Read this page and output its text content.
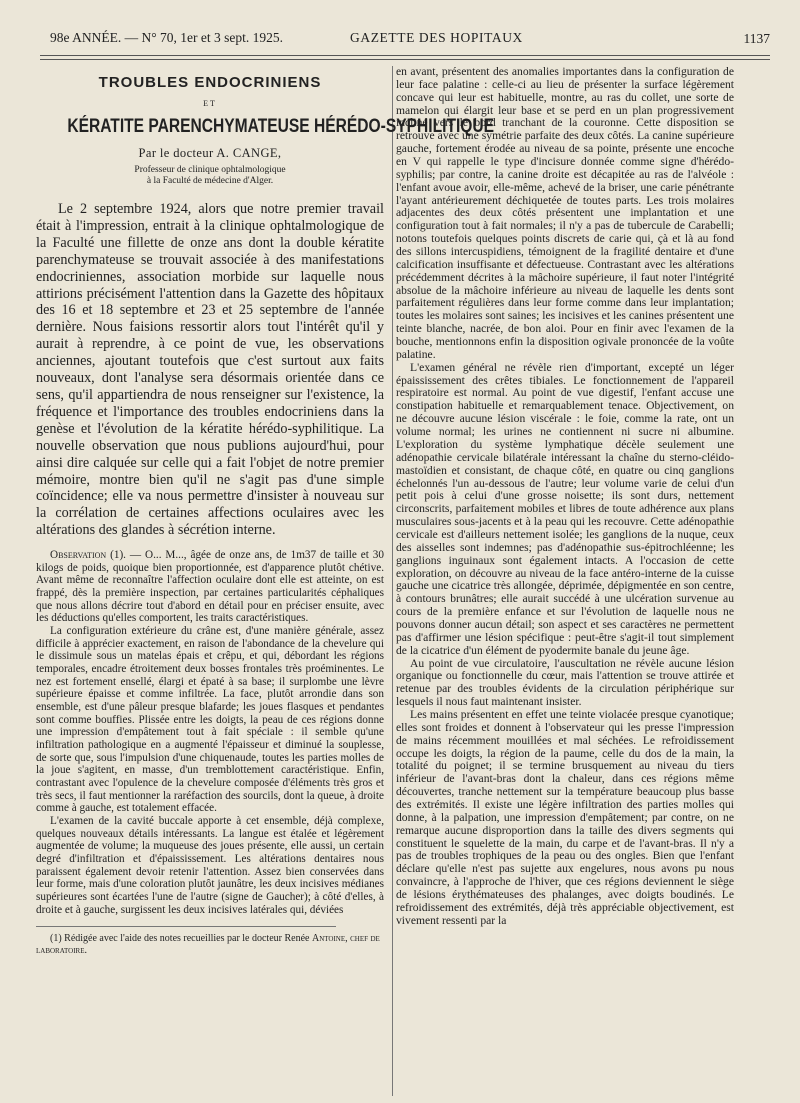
98e ANNÉE. — N° 70, 1er et 3 sept. 1925.	GAZETTE DES HOPITAUX	1137
TROUBLES ENDOCRINIENS
ET
KÉRATITE PARENCHYMATEUSE HÉRÉDO-SYPHILITIQUE
Par le docteur A. CANGE,
Professeur de clinique ophtalmologique
à la Faculté de médecine d'Alger.

Le 2 septembre 1924, alors que notre premier travail était à l'impression, entrait à la clinique ophtalmologique de la Faculté une fillette de onze ans dont la double kératite parenchymateuse se trouvait associée à des manifestations endocriniennes, association morbide sur laquelle nous attirions précisément l'attention dans la Gazette des hôpitaux des 16 et 18 septembre et 23 et 25 septembre de l'année dernière. Nous faisions ressortir alors tout l'intérêt qu'il y aurait à reprendre, à ce point de vue, les observations anciennes, ajoutant toutefois que c'est surtout aux faits nouveaux, dont l'analyse sera désormais orientée dans ce sens, qu'il appartiendra de nous renseigner sur l'existence, la fréquence et l'importance des troubles endocriniens dans la genèse et l'évolution de la kératite hérédo-syphilitique. La nouvelle observation que nous publions aujourd'hui, pour ainsi dire calquée sur celle qui a fait l'objet de notre premier mémoire, montre bien qu'il ne s'agit pas d'une simple coïncidence; elle va nous permettre d'insister à nouveau sur la corrélation de certaines affections oculaires avec les altérations des glandes à sécrétion interne.

Observation (1). — O... M..., âgée de onze ans, de 1m37 de taille et 30 kilogs de poids, quoique bien proportionnée, est d'apparence plutôt chétive. Avant même de reconnaître l'affection oculaire dont elle est atteinte, on est frappé, dès la première inspection, par certaines particularités céphaliques que nous allons décrire tout d'abord en détail pour en préciser ensuite, avec les déductions qu'elles comportent, les traits caractéristiques.

La configuration extérieure du crâne est, d'une manière générale, assez difficile à apprécier exactement, en raison de l'abondance de la chevelure qui le dissimule sous un matelas épais et crêpu, et qui, débordant les régions temporales, encadre étroitement deux bosses frontales très proéminentes. Le nez est fortement ensellé, élargi et épaté à sa base; il surplombe une lèvre supérieure épaisse et comme infiltrée. La face, plutôt arrondie dans son ensemble, est d'une pâleur presque blafarde; les joues flasques et pendantes sont comme bouffies. Plissée entre les doigts, la peau de ces régions donne une impression d'empâtement tout à fait spéciale : il semble qu'une infiltration pathologique en a augmenté l'épaisseur et diminué la souplesse, de sorte que, sous l'impulsion d'une chiquenaude, toutes les parties molles de la joue s'agitent, en masse, d'un tremblottement caractéristique. Enfin, contrastant avec l'opulence de la chevelure composée d'éléments très gros et très secs, il faut mentionner la raréfaction des sourcils, dont la queue, à droite comme à gauche, est totalement effacée.

L'examen de la cavité buccale apporte à cet ensemble, déjà complexe, quelques nouveaux détails intéressants. La langue est étalée et légèrement augmentée de volume; la muqueuse des joues présente, elle aussi, un certain degré d'infiltration et d'épaississement. Les altérations dentaires nous paraissent également devoir retenir l'attention. Assez bien conservées dans leur forme, mais d'une coloration plutôt jaunâtre, les deux incisives médianes supérieures sont écartées l'une de l'autre (signe de Gaucher); à côté d'elles, à droite et à gauche, surgissent les deux incisives latérales qui, déviées

(1) Rédigée avec l'aide des notes recueillies par le docteur Renée Antoine, chef de laboratoire.

en avant, présentent des anomalies importantes dans la configuration de leur face palatine : celle-ci au lieu de présenter la surface légèrement concave qui leur est habituelle, montre, au ras du collet, une sorte de mamelon qui élargit leur base et se perd en un plan progressivement incliné vers le bord tranchant de la couronne. Cette disposition se retrouve avec une symétrie parfaite des deux côtés. La canine supérieure gauche, fortement érodée au niveau de sa pointe, présente une encoche en V qui rappelle le type d'incisure donnée comme signe d'hérédo-syphilis; par contre, la canine droite est décapitée au ras de l'alvéole : l'enfant avoue avoir, elle-même, achevé de la briser, une carie pénétrante l'ayant antérieurement déchiquetée de toutes parts. Les trois molaires adjacentes des deux côtés présentent une implantation et une configuration tout à fait normales; il n'y a pas de tubercule de Carabelli; notons toutefois quelques points discrets de carie qui, çà et là au fond des sillons intercuspidiens, témoignent de la fragilité dentaire et d'une calcification insuffisante et défectueuse. Contrastant avec les altérations précédemment décrites à la mâchoire supérieure, il faut noter l'intégrité absolue de la mâchoire inférieure au niveau de laquelle les dents sont parfaitement régulières dans leur forme comme dans leur implantation; toutes les molaires sont saines; les incisives et les canines présentent une teinte blanche, nacrée, de bon aloi. Pour en finir avec l'examen de la bouche, mentionnons enfin la disposition ogivale prononcée de la voûte palatine.

L'examen général ne révèle rien d'important, excepté un léger épaississement des crêtes tibiales. Le fonctionnement de l'appareil respiratoire est normal. Au point de vue digestif, l'enfant accuse une constipation habituelle et remarquablement tenace. Objectivement, on ne découvre aucune lésion viscérale : le foie, comme la rate, ont un volume normal; les urines ne contiennent ni sucre ni albumine. L'exploration du système lymphatique décèle seulement une adénopathie cervicale bilatérale intéressant la chaîne du sterno-cléido-mastoïdien et consistant, de chaque côté, en quatre ou cinq ganglions échelonnés l'un au-dessous de l'autre; leur volume varie de celui d'un petit pois à celui d'une grosse noisette; ils sont durs, nettement circonscrits, parfaitement mobiles et libres de toute adhérence aux plans musculaires sous-jacents et à la peau qui les recouvre. Cette adénopathie cervicale est d'ailleurs nettement isolée; les ganglions de la nuque, ceux des aisselles sont indemnes; pas d'adénopathie sus-épitrochléenne; les ganglions inguinaux sont également intacts. A l'occasion de cette exploration, on découvre au niveau de la face antéro-interne de la cuisse gauche une cicatrice très allongée, déprimée, dépigmentée en son centre, à contours brunâtres; elle aurait succédé à une ulcération survenue au cours de la première enfance et sur l'évolution de laquelle nous ne pouvons donner aucun détail; son aspect et ses caractères ne permettent pas d'affirmer une lésion spécifique : peut-être s'agit-il tout simplement de la cicatrice d'un élément de pyodermite banale du jeune âge.

Au point de vue circulatoire, l'auscultation ne révèle aucune lésion organique ou fonctionnelle du cœur, mais l'attention se trouve attirée et retenue par des troubles évidents de la circulation périphérique sur lesquels il nous faut maintenant insister.

Les mains présentent en effet une teinte violacée presque cyanotique; elles sont froides et donnent à l'observateur qui les presse l'impression de mains récemment mouillées et mal séchées. Le refroidissement occupe les doigts, la région de la paume, celle du dos de la main, la totalité du poignet; il se termine brusquement au niveau du tiers inférieur de l'avant-bras dont la chaleur, dans ces régions même découvertes, tranche nettement sur la température beaucoup plus basse des extrémités. Il existe une légère infiltration des parties molles qui donne, à la palpation, une impression d'empâtement; par contre, on ne remarque aucune disproportion dans la taille des divers segments qui constituent le squelette de la main, du carpe et de l'avant-bras. Il n'y a pas de troubles trophiques de la peau ou des ongles. Bien que l'enfant déclare qu'elle n'est pas sujette aux engelures, nous avons pu nous convaincre, à l'approche de l'hiver, que ces régions deviennent le siège de lésions érythémateuses des phalanges, avec doigts boudinés. Le refroidissement des extrémités, déjà très appréciable objectivement, est vivement ressenti par la
